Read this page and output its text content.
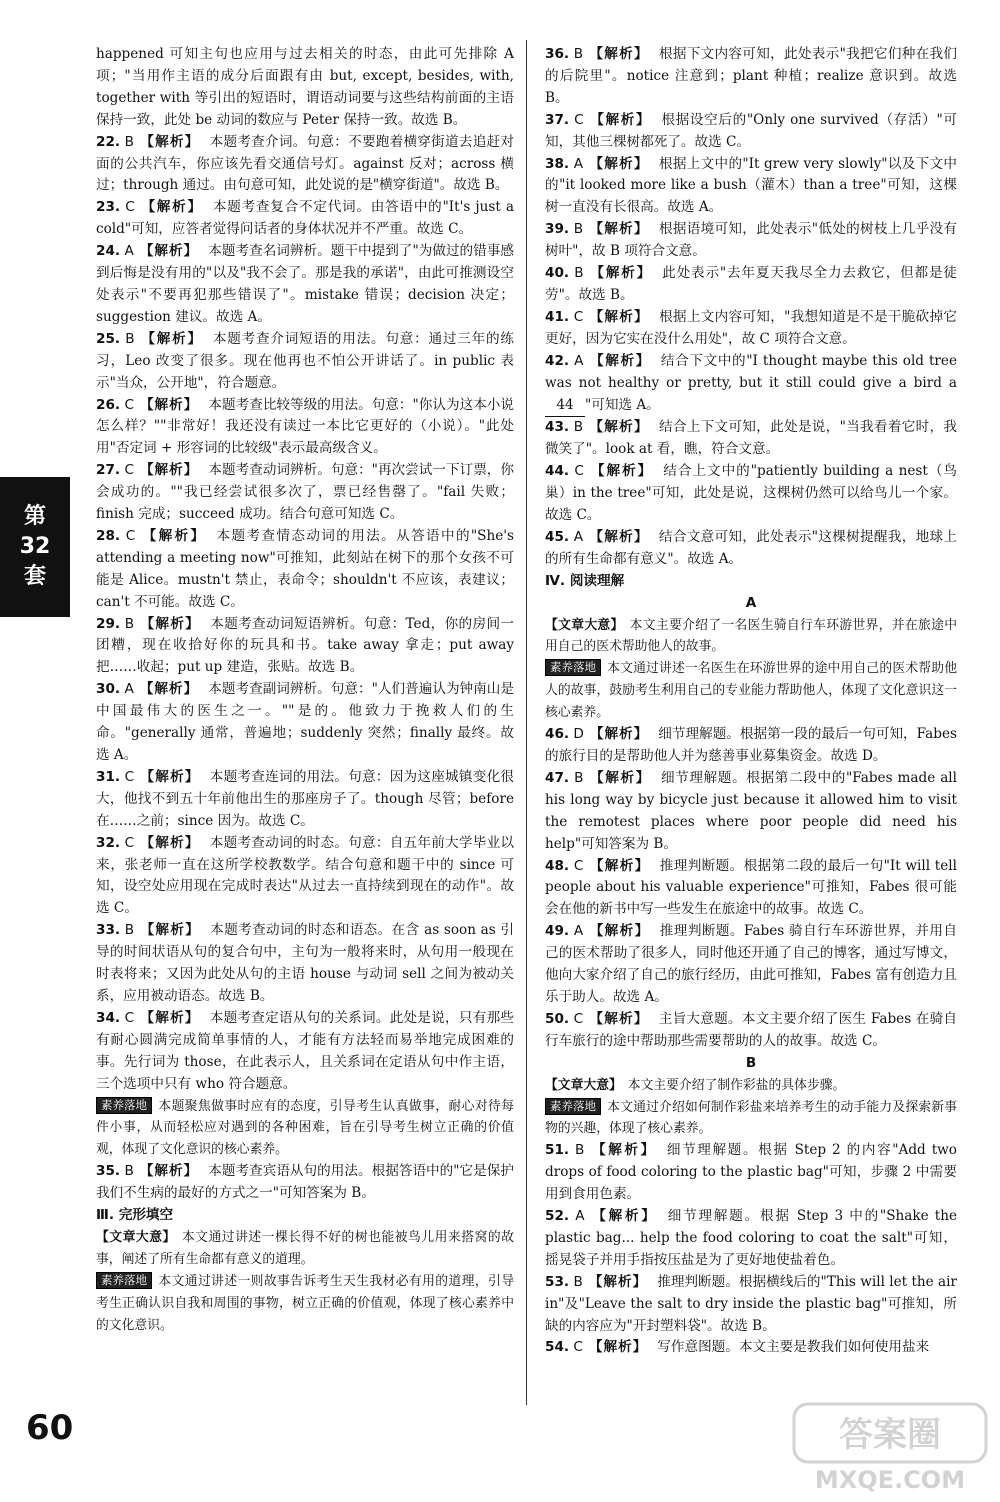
happened 可知主句也应用与过去相关的时态，由此可先排除 A 项；"当用作主语的成分后面跟有由 but, except, besides, with, together with 等引出的短语时，谓语动词要与这些结构前面的主语保持一致，此处 be 动词的数应与 Peter 保持一致。故选 B。

22. B 【解析】 本题考查介词。句意：不要跑着横穿街道去追赶对面的公共汽车，你应该先看交通信号灯。against 反对；across 横过；through 通过。由句意可知，此处说的是"横穿街道"。故选 B。

23. C 【解析】 本题考查复合不定代词。由答语中的"It's just a cold"可知，应答者觉得问话者的身体状况并不严重。故选 C。

24. A 【解析】 本题考查名词辨析。题干中提到了"为做过的错事感到后悔是没有用的"以及"我不会了。那是我的承诺"，由此可推测设空处表示"不要再犯那些错误了"。mistake 错误；decision 决定；suggestion 建议。故选 A。

25. B 【解析】 本题考查介词短语的用法。句意：通过三年的练习，Leo 改变了很多。现在他再也不怕公开讲话了。in public 表示"当众，公开地"，符合题意。

26. C 【解析】 本题考查比较等级的用法。句意："你认为这本小说怎么样？""非常好！我还没有读过一本比它更好的（小说）。"此处用"否定词 + 形容词的比较级"表示最高级含义。

27. C 【解析】 本题考查动词辨析。句意："再次尝试一下订票，你会成功的。""我已经尝试很多次了，票已经售罄了。"fail 失败；finish 完成；succeed 成功。结合句意可知选 C。

28. C 【解析】 本题考查情态动词的用法。从答语中的"She's attending a meeting now"可推知，此刻站在树下的那个女孩不可能是 Alice。mustn't 禁止，表命令；shouldn't 不应该，表建议；can't 不可能。故选 C。

29. B 【解析】 本题考查动词短语辨析。句意：Ted，你的房间一团糟，现在收拾好你的玩具和书。take away 拿走；put away 把……收起；put up 建造，张贴。故选 B。

30. A 【解析】 本题考查副词辨析。句意："人们普遍认为钟南山是中国最伟大的医生之一。""是的。他致力于挽救人们的生命。"generally 通常，普遍地；suddenly 突然；finally 最终。故选 A。

31. C 【解析】 本题考查连词的用法。句意：因为这座城镇变化很大，他找不到五十年前他出生的那座房子了。though 尽管；before 在……之前；since 因为。故选 C。

32. C 【解析】 本题考查动词的时态。句意：自五年前大学毕业以来，张老师一直在这所学校教数学。结合句意和题干中的 since 可知，设空处应用现在完成时表达"从过去一直持续到现在的动作"。故选 C。

33. B 【解析】 本题考查动词的时态和语态。在含 as soon as 引导的时间状语从句的复合句中，主句为一般将来时，从句用一般现在时表将来；又因为此处从句的主语 house 与动词 sell 之间为被动关系，应用被动语态。故选 B。

34. C 【解析】 本题考查定语从句的关系词。此处是说，只有那些有耐心圆满完成简单事情的人，才能有方法轻而易举地完成困难的事。先行词为 those，在此表示人，且关系词在定语从句中作主语，三个选项中只有 who 符合题意。

素养落地 本题聚焦做事时应有的态度，引导考生认真做事，耐心对待每件小事，从而轻松应对遇到的各种困难，旨在引导考生树立正确的价值观，体现了文化意识的核心素养。

35. B 【解析】 本题考查宾语从句的用法。根据答语中的"它是保护我们不生病的最好的方式之一"可知答案为 B。

Ⅲ. 完形填空

【文章大意】 本文通过讲述一棵长得不好的树也能被鸟儿用来搭窝的故事，阐述了所有生命都有意义的道理。

素养落地 本文通过讲述一则故事告诉考生天生我材必有用的道理，引导考生正确认识自我和周围的事物，树立正确的价值观，体现了核心素养中的文化意识。

36. B 【解析】 根据下文内容可知，此处表示"我把它们种在我们的后院里"。notice 注意到；plant 种植；realize 意识到。故选 B。

37. C 【解析】 根据设空后的"Only one survived（存活）"可知，其他三棵树都死了。故选 C。

38. A 【解析】 根据上文中的"It grew very slowly"以及下文中的"it looked more like a bush（灌木）than a tree"可知，这棵树一直没有长很高。故选 A。

39. B 【解析】 根据语境可知，此处表示"低处的树枝上几乎没有树叶"，故 B 项符合文意。

40. B 【解析】 此处表示"去年夏天我尽全力去救它，但都是徒劳"。故选 B。

41. C 【解析】 根据上文内容可知，"我想知道是不是干脆砍掉它更好，因为它实在没什么用处"，故 C 项符合文意。

42. A 【解析】 结合下文中的"I thought maybe this old tree was not healthy or pretty, but it still could give a bird a 44 "可知选 A。

43. B 【解析】 结合上下文可知，此处是说，"当我看着它时，我微笑了"。look at 看，瞧，符合文意。

44. C 【解析】 结合上文中的"patiently building a nest（鸟巢）in the tree"可知，此处是说，这棵树仍然可以给鸟儿一个家。故选 C。

45. A 【解析】 结合文意可知，此处表示"这棵树提醒我，地球上的所有生命都有意义"。故选 A。

Ⅳ. 阅读理解

A

【文章大意】 本文主要介绍了一名医生骑自行车环游世界，并在旅途中用自己的医术帮助他人的故事。

素养落地 本文通过讲述一名医生在环游世界的途中用自己的医术帮助他人的故事，鼓励考生利用自己的专业能力帮助他人，体现了文化意识这一核心素养。

46. D 【解析】 细节理解题。根据第一段的最后一句可知，Fabes 的旅行目的是帮助他人并为慈善事业募集资金。故选 D。

47. B 【解析】 细节理解题。根据第二段中的"Fabes made all his long way by bicycle just because it allowed him to visit the remotest places where poor people did need his help"可知答案为 B。

48. C 【解析】 推理判断题。根据第二段的最后一句"It will tell people about his valuable experience"可推知，Fabes 很可能会在他的新书中写一些发生在旅途中的故事。故选 C。

49. A 【解析】 推理判断题。Fabes 骑自行车环游世界，并用自己的医术帮助了很多人，同时他还开通了自己的博客，通过写博文，他向大家介绍了自己的旅行经历，由此可推知，Fabes 富有创造力且乐于助人。故选 A。

50. C 【解析】 主旨大意题。本文主要介绍了医生 Fabes 在骑自行车旅行的途中帮助那些需要帮助的人的故事。故选 C。

B

【文章大意】 本文主要介绍了制作彩盐的具体步骤。

素养落地 本文通过介绍如何制作彩盐来培养考生的动手能力及探索新事物的兴趣，体现了核心素养。

51. B 【解析】 细节理解题。根据 Step 2 的内容"Add two drops of food coloring to the plastic bag"可知，步骤 2 中需要用到食用色素。

52. A 【解析】 细节理解题。根据 Step 3 中的"Shake the plastic bag... help the food coloring to coat the salt"可知，摇晃袋子并用手指按压盐是为了更好地使盐着色。

53. B 【解析】 推理判断题。根据横线后的"This will let the air in"及"Leave the salt to dry inside the plastic bag"可推知，所缺的内容应为"开封塑料袋"。故选 B。

54. C 【解析】 写作意图题。本文主要是教我们如何使用盐来

第
32
套
60	答案圈
MXQE.COM
